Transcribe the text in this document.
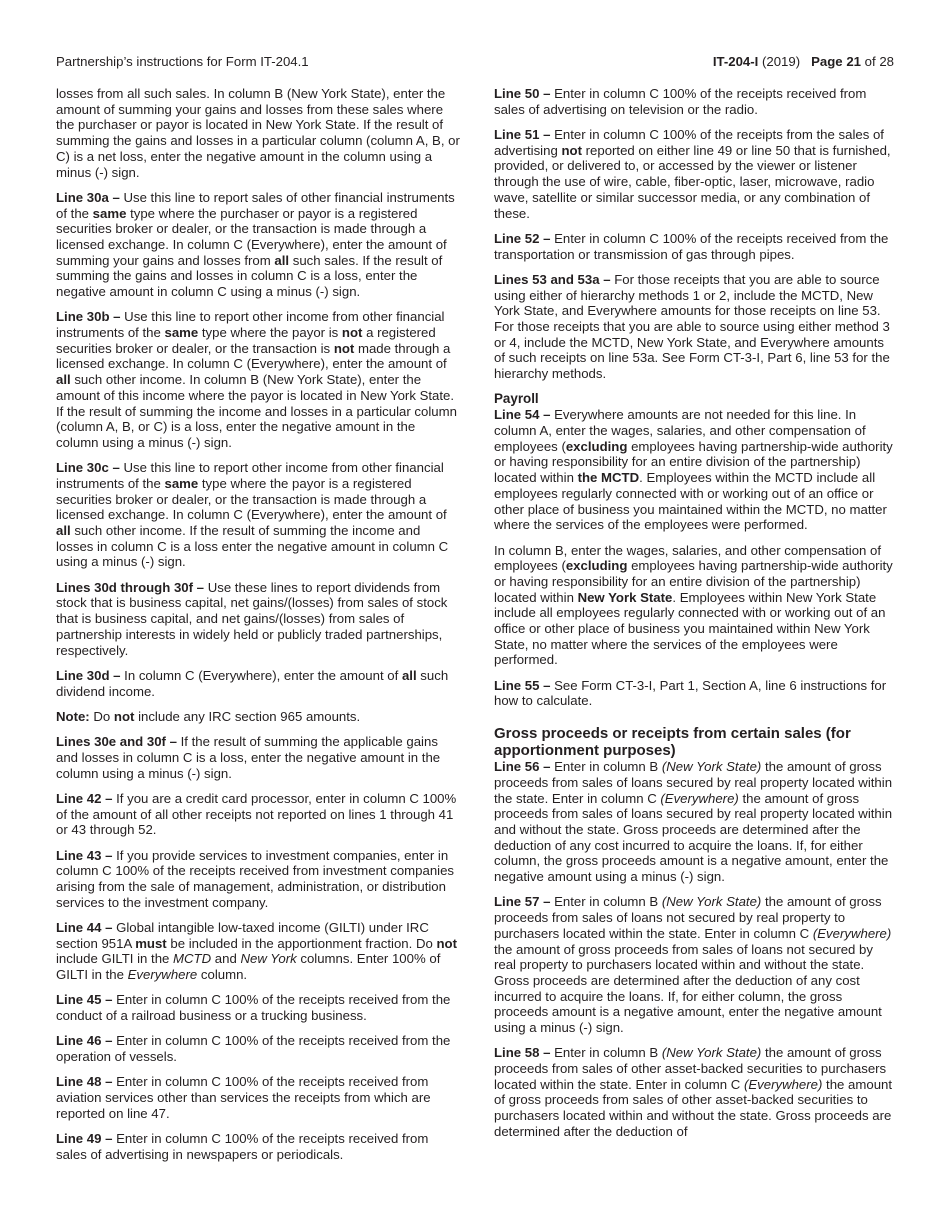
Partnership’s instructions for Form IT-204.1	IT-204-I (2019) Page 21 of 28

losses from all such sales. In column B (New York State), enter the amount of summing your gains and losses from these sales where the purchaser or payor is located in New York State. If the result of summing the gains and losses in a particular column (column A, B, or C) is a net loss, enter the negative amount in the column using a minus (-) sign.

Line 30a – Use this line to report sales of other financial instruments of the same type where the purchaser or payor is a registered securities broker or dealer, or the transaction is made through a licensed exchange. In column C (Everywhere), enter the amount of summing your gains and losses from all such sales. If the result of summing the gains and losses in column C is a loss, enter the negative amount in column C using a minus (-) sign.

Line 30b – Use this line to report other income from other financial instruments of the same type where the payor is not a registered securities broker or dealer, or the transaction is not made through a licensed exchange. In column C (Everywhere), enter the amount of all such other income. In column B (New York State), enter the amount of this income where the payor is located in New York State. If the result of summing the income and losses in a particular column (column A, B, or C) is a loss, enter the negative amount in the column using a minus (-) sign.

Line 30c – Use this line to report other income from other financial instruments of the same type where the payor is a registered securities broker or dealer, or the transaction is made through a licensed exchange. In column C (Everywhere), enter the amount of all such other income. If the result of summing the income and losses in column C is a loss enter the negative amount in column C using a minus (-) sign.

Lines 30d through 30f – Use these lines to report dividends from stock that is business capital, net gains/(losses) from sales of stock that is business capital, and net gains/(losses) from sales of partnership interests in widely held or publicly traded partnerships, respectively.

Line 30d – In column C (Everywhere), enter the amount of all such dividend income.

Note: Do not include any IRC section 965 amounts.

Lines 30e and 30f – If the result of summing the applicable gains and losses in column C is a loss, enter the negative amount in the column using a minus (-) sign.

Line 42 – If you are a credit card processor, enter in column C 100% of the amount of all other receipts not reported on lines 1 through 41 or 43 through 52.

Line 43 – If you provide services to investment companies, enter in column C 100% of the receipts received from investment companies arising from the sale of management, administration, or distribution services to the investment company.

Line 44 – Global intangible low-taxed income (GILTI) under IRC section 951A must be included in the apportionment fraction. Do not include GILTI in the MCTD and New York columns. Enter 100% of GILTI in the Everywhere column.

Line 45 – Enter in column C 100% of the receipts received from the conduct of a railroad business or a trucking business.

Line 46 – Enter in column C 100% of the receipts received from the operation of vessels.

Line 48 – Enter in column C 100% of the receipts received from aviation services other than services the receipts from which are reported on line 47.

Line 49 – Enter in column C 100% of the receipts received from sales of advertising in newspapers or periodicals.

Line 50 – Enter in column C 100% of the receipts received from sales of advertising on television or the radio.

Line 51 – Enter in column C 100% of the receipts from the sales of advertising not reported on either line 49 or line 50 that is furnished, provided, or delivered to, or accessed by the viewer or listener through the use of wire, cable, fiber-optic, laser, microwave, radio wave, satellite or similar successor media, or any combination of these.

Line 52 – Enter in column C 100% of the receipts received from the transportation or transmission of gas through pipes.

Lines 53 and 53a – For those receipts that you are able to source using either of hierarchy methods 1 or 2, include the MCTD, New York State, and Everywhere amounts for those receipts on line 53. For those receipts that you are able to source using either method 3 or 4, include the MCTD, New York State, and Everywhere amounts of such receipts on line 53a. See Form CT-3-I, Part 6, line 53 for the hierarchy methods.

Payroll

Line 54 – Everywhere amounts are not needed for this line. In column A, enter the wages, salaries, and other compensation of employees (excluding employees having partnership-wide authority or having responsibility for an entire division of the partnership) located within the MCTD. Employees within the MCTD include all employees regularly connected with or working out of an office or other place of business you maintained within the MCTD, no matter where the services of the employees were performed.

In column B, enter the wages, salaries, and other compensation of employees (excluding employees having partnership-wide authority or having responsibility for an entire division of the partnership) located within New York State. Employees within New York State include all employees regularly connected with or working out of an office or other place of business you maintained within New York State, no matter where the services of the employees were performed.

Line 55 – See Form CT-3-I, Part 1, Section A, line 6 instructions for how to calculate.

Gross proceeds or receipts from certain sales (for apportionment purposes)

Line 56 – Enter in column B (New York State) the amount of gross proceeds from sales of loans secured by real property located within the state. Enter in column C (Everywhere) the amount of gross proceeds from sales of loans secured by real property located within and without the state. Gross proceeds are determined after the deduction of any cost incurred to acquire the loans. If, for either column, the gross proceeds amount is a negative amount, enter the negative amount using a minus (-) sign.

Line 57 – Enter in column B (New York State) the amount of gross proceeds from sales of loans not secured by real property to purchasers located within the state. Enter in column C (Everywhere) the amount of gross proceeds from sales of loans not secured by real property to purchasers located within and without the state. Gross proceeds are determined after the deduction of any cost incurred to acquire the loans. If, for either column, the gross proceeds amount is a negative amount, enter the negative amount using a minus (-) sign.

Line 58 – Enter in column B (New York State) the amount of gross proceeds from sales of other asset-backed securities to purchasers located within the state. Enter in column C (Everywhere) the amount of gross proceeds from sales of other asset-backed securities to purchasers located within and without the state. Gross proceeds are determined after the deduction of
